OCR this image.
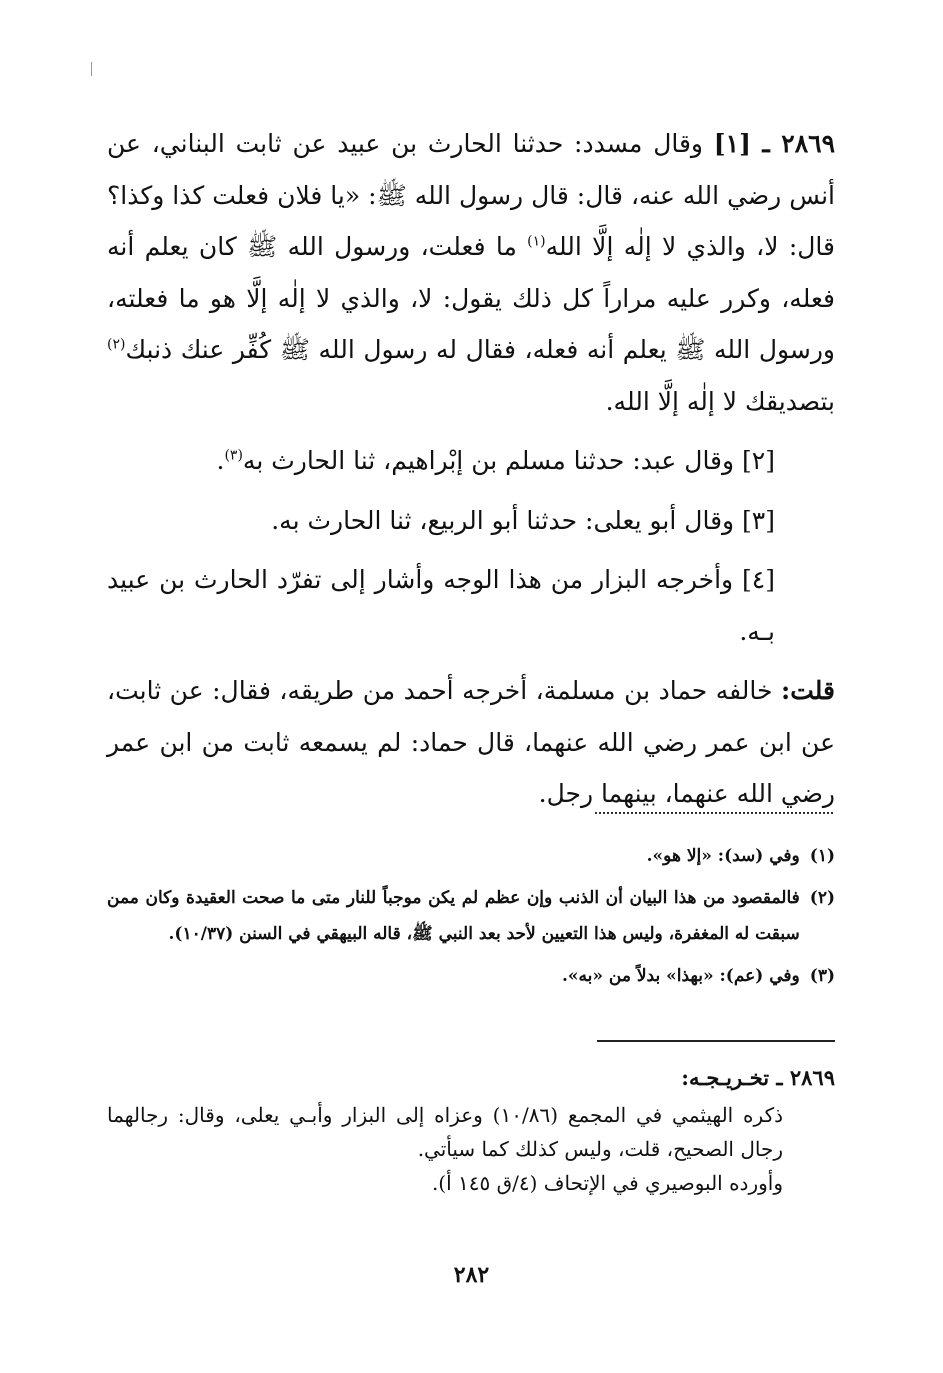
٢٨٦٩ ـ [١] وقال مسدد: حدثنا الحارث بن عبيد عن ثابت البناني، عن أنس رضي الله عنه، قال: قال رسول الله ﷺ: «يا فلان فعلت كذا وكذا؟ قال: لا، والذي لا إلٰه إلَّا الله$^{(١)}$ ما فعلت، ورسول الله ﷺ كان يعلم أنه فعله، وكرر عليه مراراً كل ذلك يقول: لا، والذي لا إلٰه إلَّا هو ما فعلته، ورسول الله ﷺ يعلم أنه فعله، فقال له رسول الله ﷺ كُفِّر عنك ذنبك$^{(٢)}$ بتصديقك لا إلٰه إلَّا الله.

[٢] وقال عبد: حدثنا مسلم بن إبْراهيم، ثنا الحارث به$^{(٣)}$.

[٣] وقال أبو يعلى: حدثنا أبو الربيع، ثنا الحارث به.

[٤] وأخرجه البزار من هذا الوجه وأشار إلى تفرّد الحارث بن عبيد بـه.

قلت: خالفه حماد بن مسلمة، أخرجه أحمد من طريقه، فقال: عن ثابت، عن ابن عمر رضي الله عنهما، قال حماد: لم يسمعه ثابت من ابن عمر رضي الله عنهما، بينهما رجل.

(١)
وفي (سد): «إلا هو».

(٢)
فالمقصود من هذا البيان أن الذنب وإن عظم لم يكن موجباً للنار متى ما صحت العقيدة وكان ممن سبقت له المغفرة، وليس هذا التعيين لأحد بعد النبي ﷺ، قاله البيهقي في السنن (١٠/٣٧).

(٣)
وفي (عم): «بهذا» بدلاً من «به».

٢٨٦٩ ـ تخـريـجـه:

ذكره الهيثمي في المجمع (١٠/٨٦) وعزاه إلى البزار وأبـي يعلى، وقال: رجالهما رجال الصحيح، قلت، وليس كذلك كما سيأتي.

وأورده البوصيري في الإتحاف (٤/ق ١٤٥ أ).

٢٨٢
